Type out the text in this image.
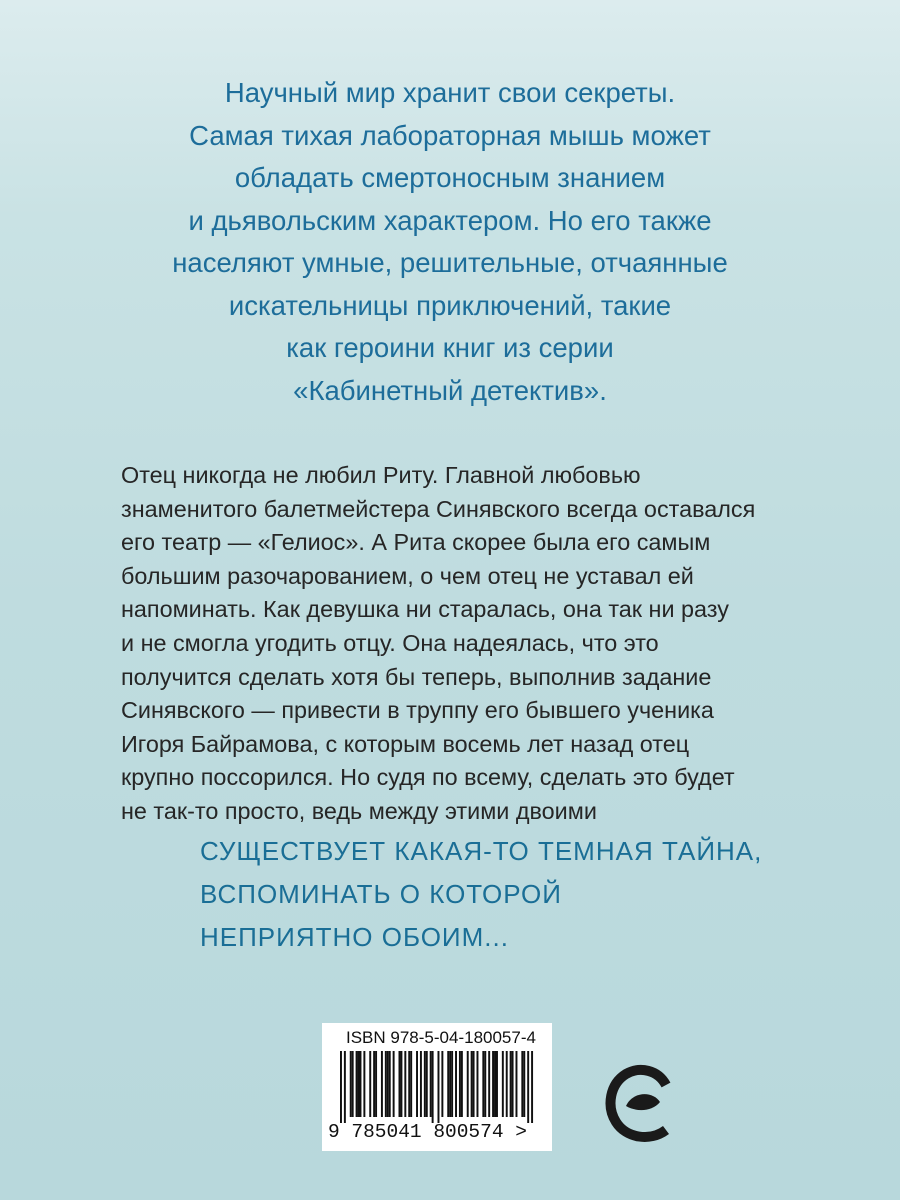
Научный мир хранит свои секреты.
Самая тихая лабораторная мышь может
обладать смертоносным знанием
и дьявольским характером. Но его также
населяют умные, решительные, отчаянные
искательницы приключений, такие
как героини книг из серии
«Кабинетный детектив».
Отец никогда не любил Риту. Главной любовью
знаменитого балетмейстера Синявского всегда оставался
его театр — «Гелиос». А Рита скорее была его самым
большим разочарованием, о чем отец не уставал ей
напоминать. Как девушка ни старалась, она так ни разу
и не смогла угодить отцу. Она надеялась, что это
получится сделать хотя бы теперь, выполнив задание
Синявского — привести в труппу его бывшего ученика
Игоря Байрамова, с которым восемь лет назад отец
крупно поссорился. Но судя по всему, сделать это будет
не так-то просто, ведь между этими двоими
СУЩЕСТВУЕТ КАКАЯ-ТО ТЕМНАЯ ТАЙНА,
ВСПОМИНАТЬ О КОТОРОЙ
НЕПРИЯТНО ОБОИМ...
ISBN 978-5-04-180057-4
9 785041 800574 >
